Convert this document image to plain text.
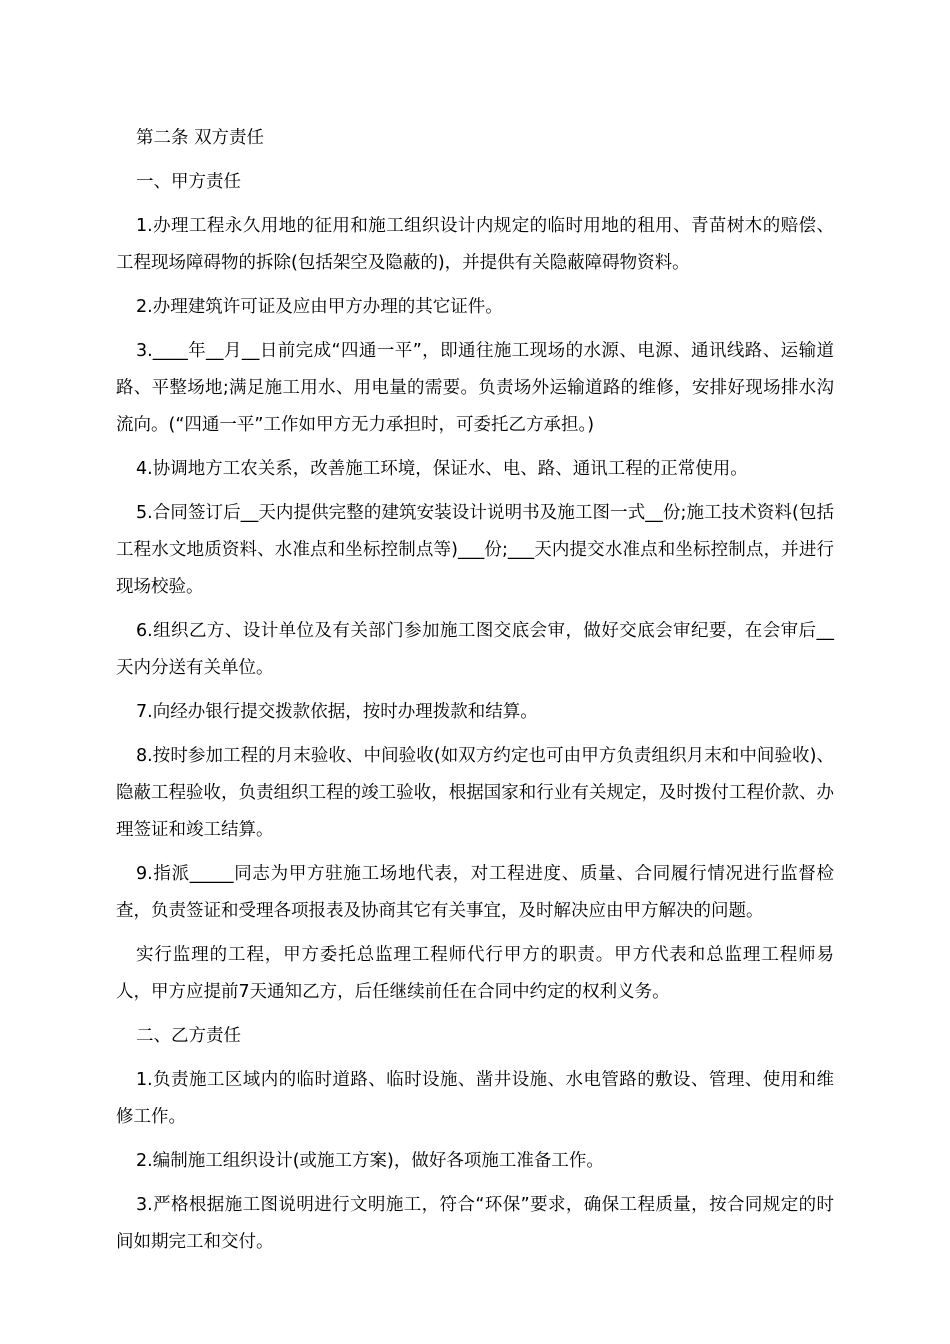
第二条 双方责任

一、甲方责任

1.办理工程永久用地的征用和施工组织设计内规定的临时用地的租用、青苗树木的赔偿、工程现场障碍物的拆除(包括架空及隐蔽的)，并提供有关隐蔽障碍物资料。

2.办理建筑许可证及应由甲方办理的其它证件。

3.____年__月__日前完成“四通一平”，即通往施工现场的水源、电源、通讯线路、运输道路、平整场地;满足施工用水、用电量的需要。负责场外运输道路的维修，安排好现场排水沟流向。(“四通一平”工作如甲方无力承担时，可委托乙方承担。)

4.协调地方工农关系，改善施工环境，保证水、电、路、通讯工程的正常使用。

5.合同签订后__天内提供完整的建筑安装设计说明书及施工图一式__份;施工技术资料(包括工程水文地质资料、水准点和坐标控制点等)___份;___天内提交水准点和坐标控制点，并进行现场校验。

6.组织乙方、设计单位及有关部门参加施工图交底会审，做好交底会审纪要，在会审后__天内分送有关单位。

7.向经办银行提交拨款依据，按时办理拨款和结算。

8.按时参加工程的月末验收、中间验收(如双方约定也可由甲方负责组织月末和中间验收)、隐蔽工程验收，负责组织工程的竣工验收，根据国家和行业有关规定，及时拨付工程价款、办理签证和竣工结算。

9.指派_____同志为甲方驻施工场地代表，对工程进度、质量、合同履行情况进行监督检查，负责签证和受理各项报表及协商其它有关事宜，及时解决应由甲方解决的问题。

实行监理的工程，甲方委托总监理工程师代行甲方的职责。甲方代表和总监理工程师易人，甲方应提前7天通知乙方，后任继续前任在合同中约定的权利义务。

二、乙方责任

1.负责施工区域内的临时道路、临时设施、凿井设施、水电管路的敷设、管理、使用和维修工作。

2.编制施工组织设计(或施工方案)，做好各项施工准备工作。

3.严格根据施工图说明进行文明施工，符合“环保”要求，确保工程质量，按合同规定的时间如期完工和交付。
